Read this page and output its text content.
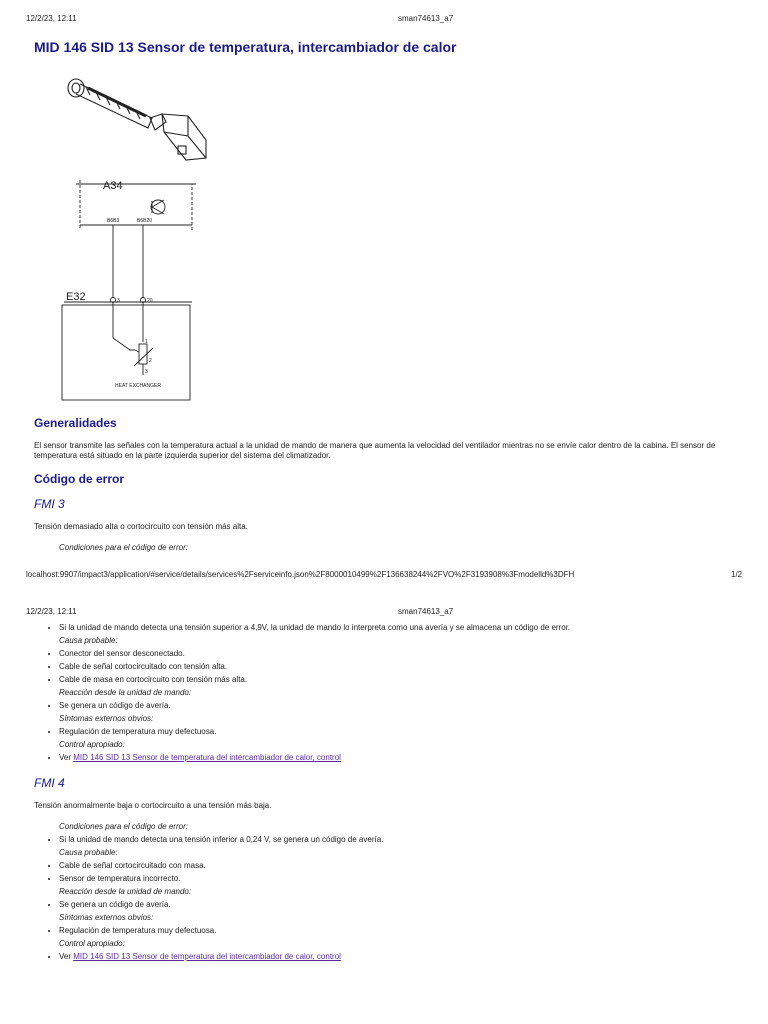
12/2/23, 12:11	sman74613_a7
MID 146 SID 13 Sensor de temperatura, intercambiador de calor
A34
E32
B6B3	B6B20
3	20
1
2
3
HEAT EXCHANGER
Generalidades

El sensor transmite las señales con la temperatura actual a la unidad de mando de manera que aumenta la velocidad del ventilador mientras no se envíe calor dentro de la cabina. El sensor de temperatura está situado en la parte izquierda superior del sistema del climatizador.

Código de error
FMI 3

Tensión demasiado alta o cortocircuito con tensión más alta.

Condiciones para el código de error:

localhost:9907/impact3/application/#service/details/services%2Fserviceinfo.json%2F8000010499%2F136638244%2FVO%2F3193908%3Fmodelld%3DFH	1/2
12/2/23, 12:11	sman74613_a7
• Si la unidad de mando detecta una tensión superior a 4,9V, la unidad de mando lo interpreta como una avería y se almacena un código de error.
Causa probable:
• Conector del sensor desconectado.
• Cable de señal cortocircuitado con tensión alta.
• Cable de masa en cortocircuito con tensión más alta.
Reacción desde la unidad de mando:
• Se genera un código de avería.
Síntomas externos obvios:
• Regulación de temperatura muy defectuosa.
Control apropiado:
• Ver MID 146 SID 13 Sensor de temperatura del intercambiador de calor, control
FMI 4

Tensión anormalmente baja o cortocircuito a una tensión más baja.

Condiciones para el código de error:
• Si la unidad de mando detecta una tensión inferior a 0,24 V, se genera un código de avería.
Causa probable:
• Cable de señal cortocircuitado con masa.
• Sensor de temperatura incorrecto.
Reacción desde la unidad de mando:
• Se genera un código de avería.
Síntomas externos obvios:
• Regulación de temperatura muy defectuosa.
Control apropiado:
• Ver MID 146 SID 13 Sensor de temperatura del intercambiador de calor, control
